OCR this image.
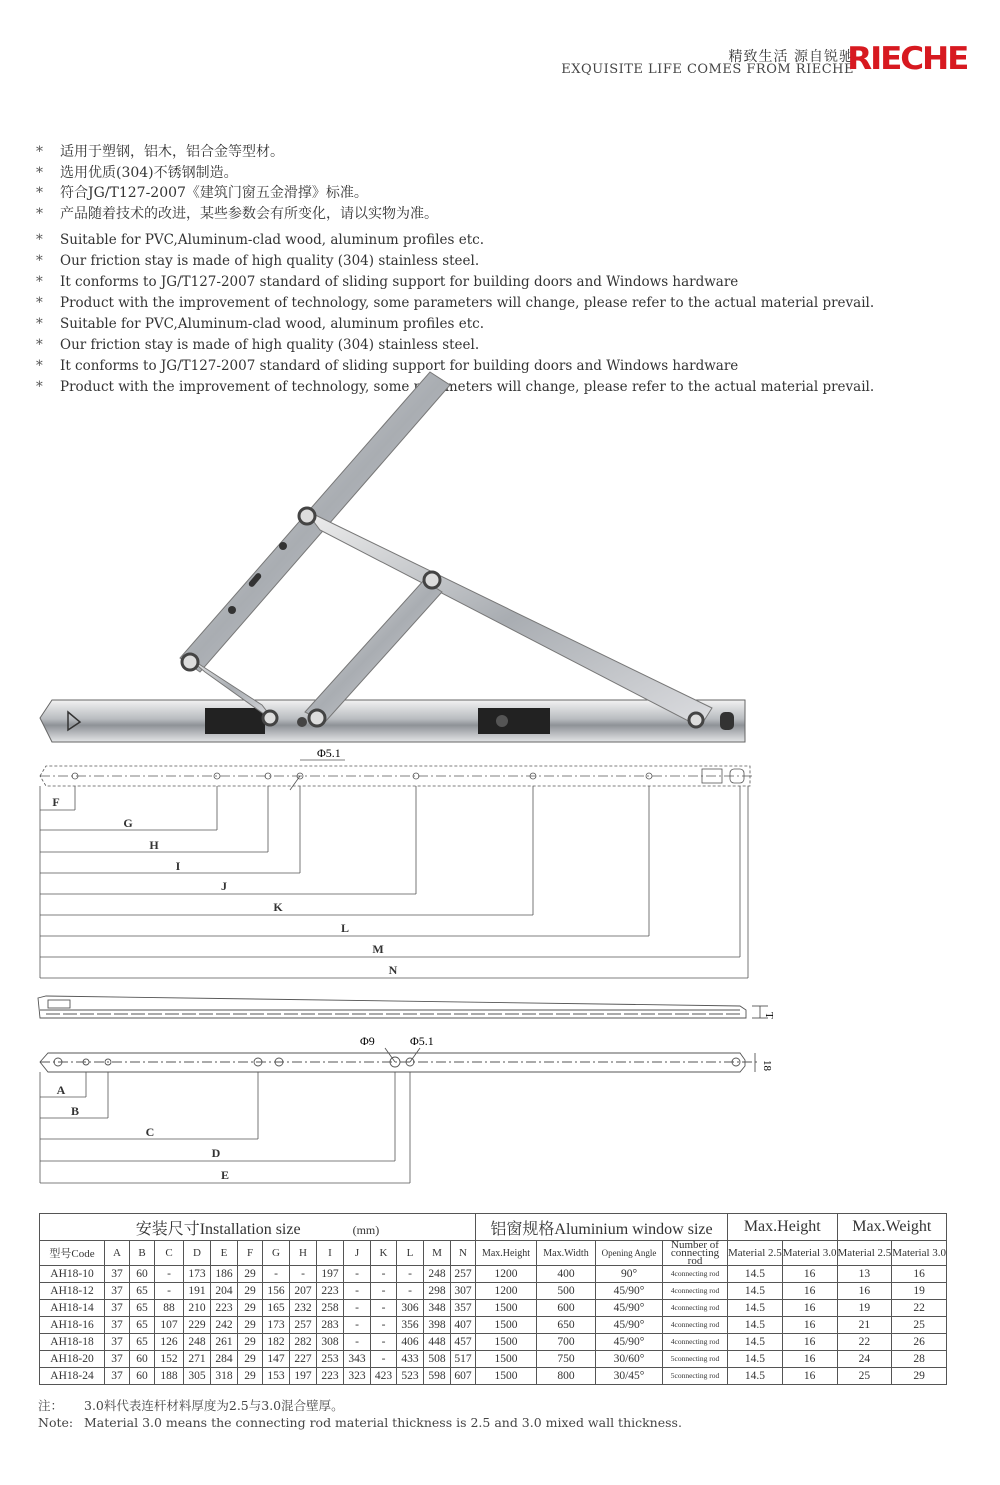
精致生活 源自锐驰
EXQUISITE LIFE COMES FROM RIECHE
RIECHE
*	适用于塑钢，铝木，铝合金等型材。
*	选用优质(304)不锈钢制造。
*	符合JG/T127-2007《建筑门窗五金滑撑》标准。
*	产品随着技术的改进，某些参数会有所变化，请以实物为准。
*	Suitable for PVC,Aluminum-clad wood, aluminum profiles etc.
*	Our friction stay is made of high quality (304) stainless steel.
*	It conforms to JG/T127-2007 standard of sliding support for building doors and Windows hardware
*	Product with the improvement of technology, some parameters will change, please refer to the actual material prevail.
*	Suitable for PVC,Aluminum-clad wood, aluminum profiles etc.
*	Our friction stay is made of high quality (304) stainless steel.
*	It conforms to JG/T127-2007 standard of sliding support for building doors and Windows hardware
*	Product with the improvement of technology, some parameters will change, please refer to the actual material prevail.
Φ5.1
F
G
H
I
J
K
L
M
N
T
Φ9	Φ5.1
18
A
B
C
D
E
安装尺寸Installation size (mm)															铝窗规格Aluminium window size				Max.Height		Max.Weight	
型号Code	A	B	C	D	E	F	G	H	I	J	K	L	M	N	Max.Height	Max.Width	Opening Angle	Number of connecting rod	Material 2.5	Material 3.0	Material 2.5	Material 3.0
AH18-10	37	60	-	173	186	29	-	-	197	-	-	-	248	257	1200	400	90°	4connecting rod	14.5	16	13	16
AH18-12	37	65	-	191	204	29	156	207	223	-	-	-	298	307	1200	500	45/90°	4connecting rod	14.5	16	16	19
AH18-14	37	65	88	210	223	29	165	232	258	-	-	306	348	357	1500	600	45/90°	4connecting rod	14.5	16	19	22
AH18-16	37	65	107	229	242	29	173	257	283	-	-	356	398	407	1500	650	45/90°	4connecting rod	14.5	16	21	25
AH18-18	37	65	126	248	261	29	182	282	308	-	-	406	448	457	1500	700	45/90°	4connecting rod	14.5	16	22	26
AH18-20	37	60	152	271	284	29	147	227	253	343	-	433	508	517	1500	750	30/60°	5connecting rod	14.5	16	24	28
AH18-24	37	60	188	305	318	29	153	197	223	323	423	523	598	607	1500	800	30/45°	5connecting rod	14.5	16	25	29
注： 3.0料代表连杆材料厚度为2.5与3.0混合壁厚。
Note: Material 3.0 means the connecting rod material thickness is 2.5 and 3.0 mixed wall thickness.
